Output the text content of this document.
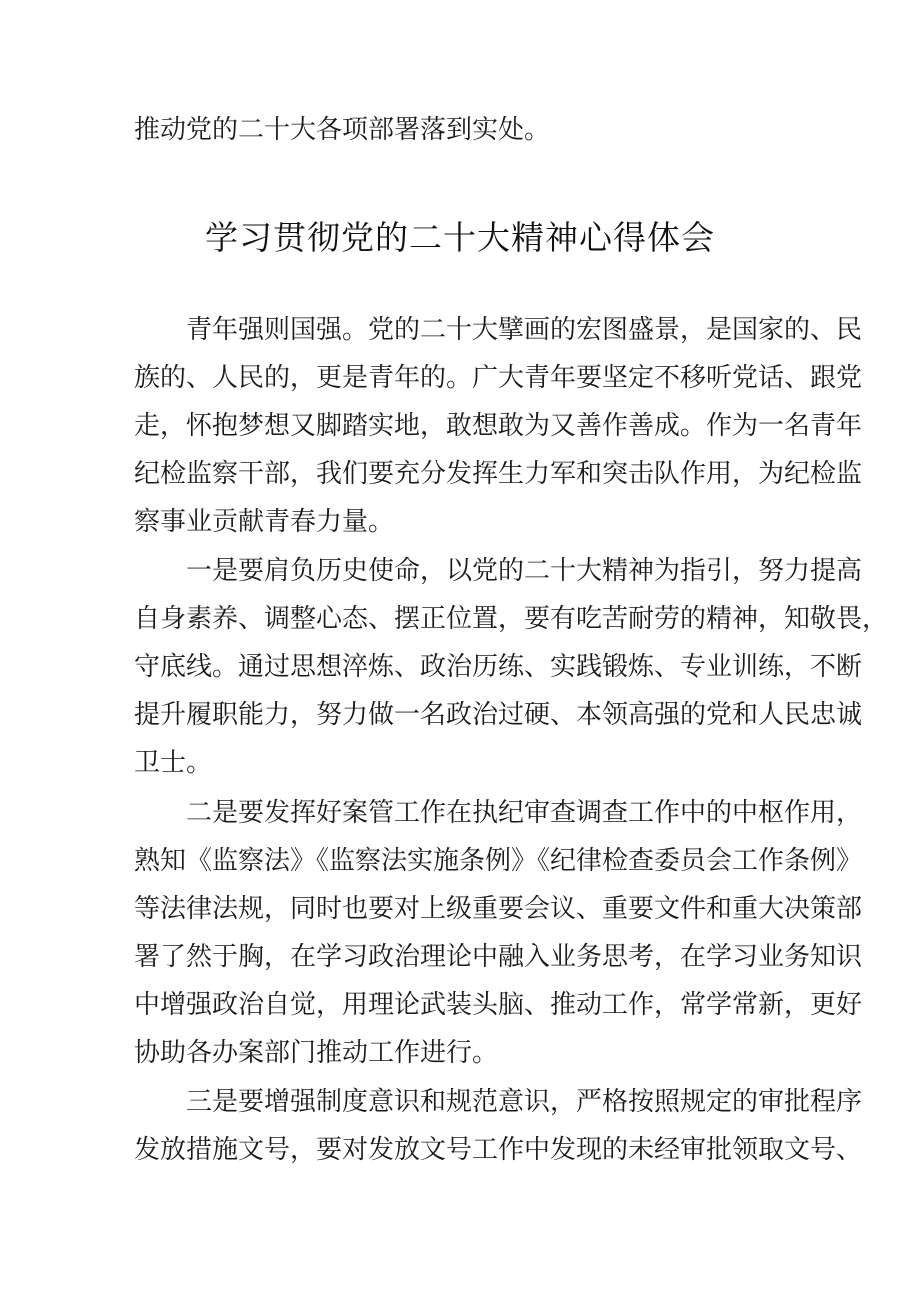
推动党的二十大各项部署落到实处。
学习贯彻党的二十大精神心得体会
青年强则国强。党的二十大擘画的宏图盛景，是国家的、民
族的、人民的，更是青年的。广大青年要坚定不移听党话、跟党
走，怀抱梦想又脚踏实地，敢想敢为又善作善成。作为一名青年
纪检监察干部，我们要充分发挥生力军和突击队作用，为纪检监
察事业贡献青春力量。
一是要肩负历史使命，以党的二十大精神为指引，努力提高
自身素养、调整心态、摆正位置，要有吃苦耐劳的精神，知敬畏，
守底线。通过思想淬炼、政治历练、实践锻炼、专业训练，不断
提升履职能力，努力做一名政治过硬、本领高强的党和人民忠诚
卫士。
二是要发挥好案管工作在执纪审查调查工作中的中枢作用，
熟知《监察法》《监察法实施条例》《纪律检查委员会工作条例》
等法律法规，同时也要对上级重要会议、重要文件和重大决策部
署了然于胸，在学习政治理论中融入业务思考，在学习业务知识
中增强政治自觉，用理论武装头脑、推动工作，常学常新，更好
协助各办案部门推动工作进行。
三是要增强制度意识和规范意识，严格按照规定的审批程序
发放措施文号，要对发放文号工作中发现的未经审批领取文号、
